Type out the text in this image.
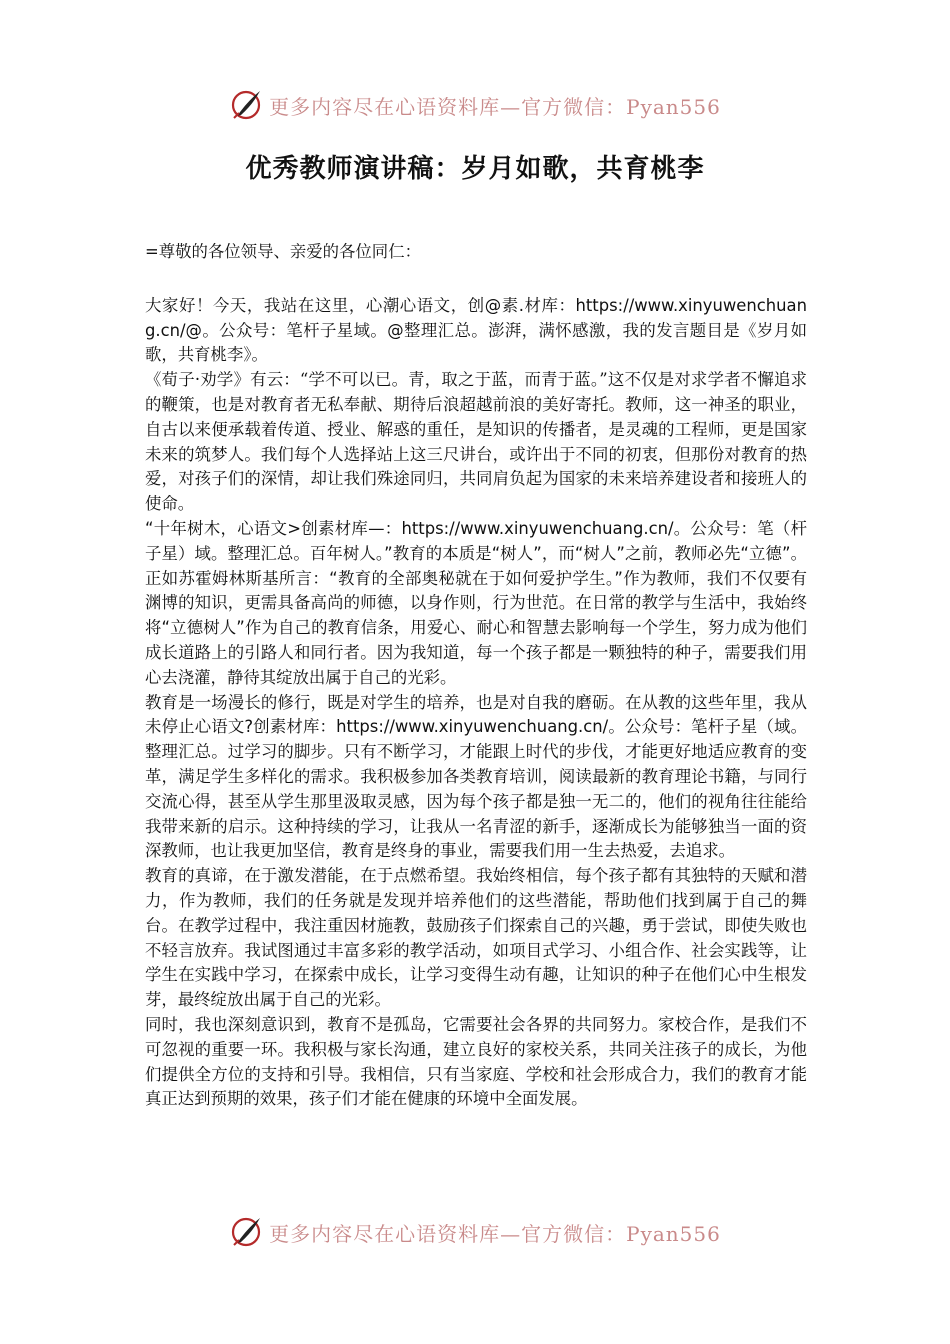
更多内容尽在心语资料库—官方微信：Pyan556
优秀教师演讲稿：岁月如歌，共育桃李

=尊敬的各位领导、亲爱的各位同仁：

大家好！今天，我站在这里，心潮心语文，创@素.材库：https://www.xinyuwenchuang.cn/@。公众号：笔杆子星域。@整理汇总。澎湃，满怀感激，我的发言题目是《岁月如歌，共育桃李》。

《荀子·劝学》有云：“学不可以已。青，取之于蓝，而青于蓝。”这不仅是对求学者不懈追求的鞭策，也是对教育者无私奉献、期待后浪超越前浪的美好寄托。教师，这一神圣的职业，自古以来便承载着传道、授业、解惑的重任，是知识的传播者，是灵魂的工程师，更是国家未来的筑梦人。我们每个人选择站上这三尺讲台，或许出于不同的初衷，但那份对教育的热爱，对孩子们的深情，却让我们殊途同归，共同肩负起为国家的未来培养建设者和接班人的使命。

“十年树木，心语文>创素材库—：https://www.xinyuwenchuang.cn/。公众号：笔（杆子星）域。整理汇总。百年树人。”教育的本质是“树人”，而“树人”之前，教师必先“立德”。正如苏霍姆林斯基所言：“教育的全部奥秘就在于如何爱护学生。”作为教师，我们不仅要有渊博的知识，更需具备高尚的师德，以身作则，行为世范。在日常的教学与生活中，我始终将“立德树人”作为自己的教育信条，用爱心、耐心和智慧去影响每一个学生，努力成为他们成长道路上的引路人和同行者。因为我知道，每一个孩子都是一颗独特的种子，需要我们用心去浇灌，静待其绽放出属于自己的光彩。

教育是一场漫长的修行，既是对学生的培养，也是对自我的磨砺。在从教的这些年里，我从未停止心语文?创素材库：https://www.xinyuwenchuang.cn/。公众号：笔杆子星（域。整理汇总。过学习的脚步。只有不断学习，才能跟上时代的步伐，才能更好地适应教育的变革，满足学生多样化的需求。我积极参加各类教育培训，阅读最新的教育理论书籍，与同行交流心得，甚至从学生那里汲取灵感，因为每个孩子都是独一无二的，他们的视角往往能给我带来新的启示。这种持续的学习，让我从一名青涩的新手，逐渐成长为能够独当一面的资深教师，也让我更加坚信，教育是终身的事业，需要我们用一生去热爱，去追求。

教育的真谛，在于激发潜能，在于点燃希望。我始终相信，每个孩子都有其独特的天赋和潜力，作为教师，我们的任务就是发现并培养他们的这些潜能，帮助他们找到属于自己的舞台。在教学过程中，我注重因材施教，鼓励孩子们探索自己的兴趣，勇于尝试，即使失败也不轻言放弃。我试图通过丰富多彩的教学活动，如项目式学习、小组合作、社会实践等，让学生在实践中学习，在探索中成长，让学习变得生动有趣，让知识的种子在他们心中生根发芽，最终绽放出属于自己的光彩。

同时，我也深刻意识到，教育不是孤岛，它需要社会各界的共同努力。家校合作，是我们不可忽视的重要一环。我积极与家长沟通，建立良好的家校关系，共同关注孩子的成长，为他们提供全方位的支持和引导。我相信，只有当家庭、学校和社会形成合力，我们的教育才能真正达到预期的效果，孩子们才能在健康的环境中全面发展。

更多内容尽在心语资料库—官方微信：Pyan556
